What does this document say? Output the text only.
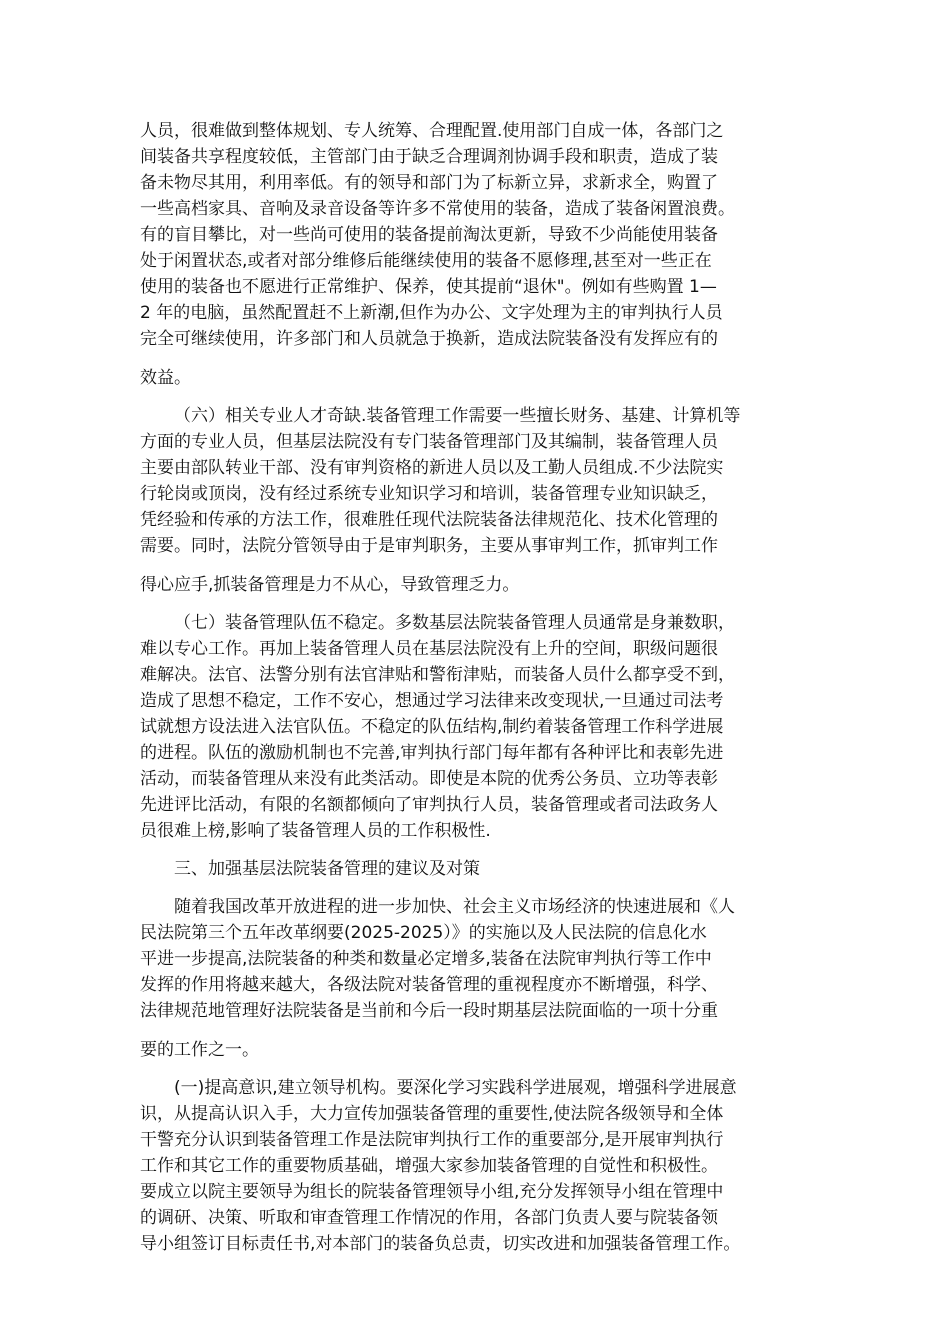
人员，很难做到整体规划、专人统筹、合理配置.使用部门自成一体，各部门之
间装备共享程度较低，主管部门由于缺乏合理调剂协调手段和职责，造成了装
备未物尽其用，利用率低。有的领导和部门为了标新立异，求新求全，购置了
一些高档家具、音响及录音设备等许多不常使用的装备，造成了装备闲置浪费。
有的盲目攀比，对一些尚可使用的装备提前淘汰更新，导致不少尚能使用装备
处于闲置状态,或者对部分维修后能继续使用的装备不愿修理,甚至对一些正在
使用的装备也不愿进行正常维护、保养，使其提前“退休"。例如有些购置 1—
2 年的电脑，虽然配置赶不上新潮,但作为办公、文字处理为主的审判执行人员
完全可继续使用，许多部门和人员就急于换新，造成法院装备没有发挥应有的
效益。
（六）相关专业人才奇缺.装备管理工作需要一些擅长财务、基建、计算机等
方面的专业人员，但基层法院没有专门装备管理部门及其编制，装备管理人员
主要由部队转业干部、没有审判资格的新进人员以及工勤人员组成.不少法院实
行轮岗或顶岗，没有经过系统专业知识学习和培训，装备管理专业知识缺乏，
凭经验和传承的方法工作，很难胜任现代法院装备法律规范化、技术化管理的
需要。同时，法院分管领导由于是审判职务，主要从事审判工作，抓审判工作
得心应手,抓装备管理是力不从心，导致管理乏力。
（七）装备管理队伍不稳定。多数基层法院装备管理人员通常是身兼数职，
难以专心工作。再加上装备管理人员在基层法院没有上升的空间，职级问题很
难解决。法官、法警分别有法官津贴和警衔津贴，而装备人员什么都享受不到，
造成了思想不稳定，工作不安心，想通过学习法律来改变现状,一旦通过司法考
试就想方设法进入法官队伍。不稳定的队伍结构,制约着装备管理工作科学进展
的进程。队伍的激励机制也不完善,审判执行部门每年都有各种评比和表彰先进
活动，而装备管理从来没有此类活动。即使是本院的优秀公务员、立功等表彰
先进评比活动，有限的名额都倾向了审判执行人员，装备管理或者司法政务人
员很难上榜,影响了装备管理人员的工作积极性.
三、加强基层法院装备管理的建议及对策
随着我国改革开放进程的进一步加快、社会主义市场经济的快速进展和《人
民法院第三个五年改革纲要(2025-2025）》的实施以及人民法院的信息化水
平进一步提高,法院装备的种类和数量必定增多,装备在法院审判执行等工作中
发挥的作用将越来越大，各级法院对装备管理的重视程度亦不断增强，科学、
法律规范地管理好法院装备是当前和今后一段时期基层法院面临的一项十分重
要的工作之一。
(一)提高意识,建立领导机构。要深化学习实践科学进展观，增强科学进展意
识，从提高认识入手，大力宣传加强装备管理的重要性,使法院各级领导和全体
干警充分认识到装备管理工作是法院审判执行工作的重要部分,是开展审判执行
工作和其它工作的重要物质基础，增强大家参加装备管理的自觉性和积极性。
要成立以院主要领导为组长的院装备管理领导小组,充分发挥领导小组在管理中
的调研、决策、听取和审查管理工作情况的作用，各部门负责人要与院装备领
导小组签订目标责任书,对本部门的装备负总责，切实改进和加强装备管理工作。
